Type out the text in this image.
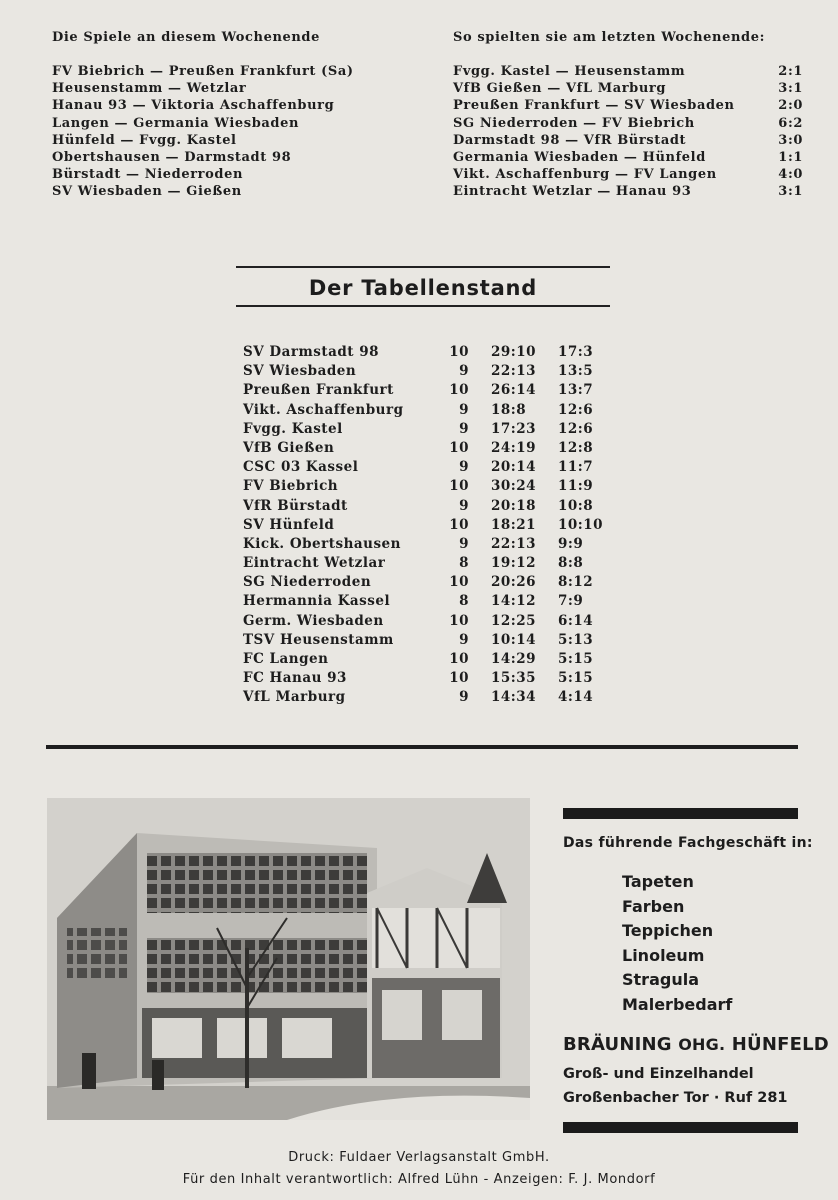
Die Spiele an diesem Wochenende
FV Biebrich — Preußen Frankfurt (Sa)
Heusenstamm — Wetzlar
Hanau 93 — Viktoria Aschaffenburg
Langen — Germania Wiesbaden
Hünfeld — Fvgg. Kastel
Obertshausen — Darmstadt 98
Bürstadt — Niederroden
SV Wiesbaden — Gießen
So spielten sie am letzten Wochenende:
Fvgg. Kastel — Heusenstamm	2:1
VfB Gießen — VfL Marburg	3:1
Preußen Frankfurt — SV Wiesbaden	2:0
SG Niederroden — FV Biebrich	6:2
Darmstadt 98 — VfR Bürstadt	3:0
Germania Wiesbaden — Hünfeld	1:1
Vikt. Aschaffenburg — FV Langen	4:0
Eintracht Wetzlar — Hanau 93	3:1
Der Tabellenstand
SV Darmstadt 98	10 29:10 17:3
SV Wiesbaden	9 22:13 13:5
Preußen Frankfurt	10 26:14 13:7
Vikt. Aschaffenburg	9 18:8 12:6
Fvgg. Kastel	9 17:23 12:6
VfB Gießen	10 24:19 12:8
CSC 03 Kassel	9 20:14 11:7
FV Biebrich	10 30:24 11:9
VfR Bürstadt	9 20:18 10:8
SV Hünfeld	10 18:21 10:10
Kick. Obertshausen	9 22:13 9:9
Eintracht Wetzlar	8 19:12 8:8
SG Niederroden	10 20:26 8:12
Hermannia Kassel	8 14:12 7:9
Germ. Wiesbaden	10 12:25 6:14
TSV Heusenstamm	9 10:14 5:13
FC Langen	10 14:29 5:15
FC Hanau 93	10 15:35 5:15
VfL Marburg	9 14:34 4:14
Das führende Fachgeschäft in:
Tapeten
Farben
Teppichen
Linoleum
Stragula
Malerbedarf
BRÄUNING OHG. HÜNFELD
Groß- und Einzelhandel
Großenbacher Tor · Ruf 281
Druck: Fuldaer Verlagsanstalt GmbH.
Für den Inhalt verantwortlich: Alfred Lühn - Anzeigen: F. J. Mondorf
